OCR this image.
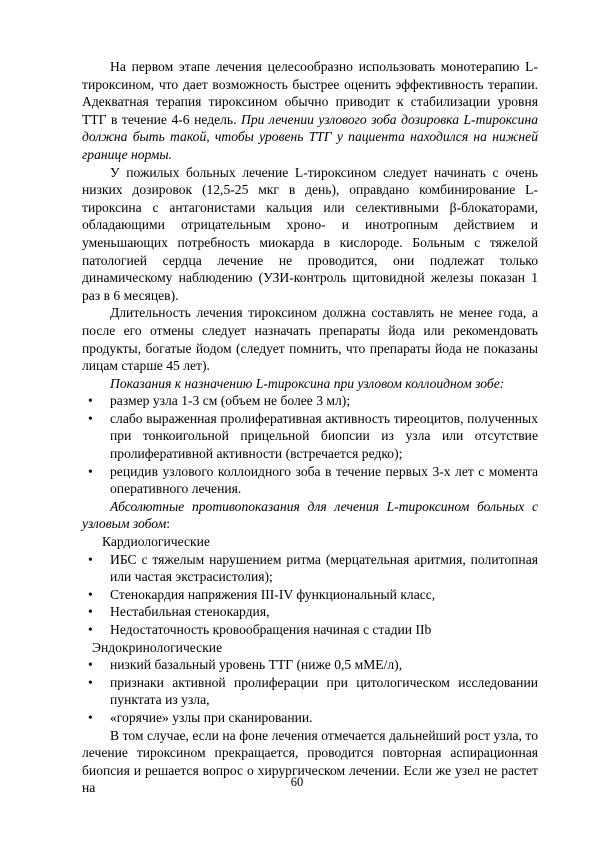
На первом этапе лечения целесообразно использовать монотерапию L-тироксином, что дает возможность быстрее оценить эффективность терапии. Адекватная терапия тироксином обычно приводит к стабилизации уровня ТТГ в течение 4-6 недель. При лечении узлового зоба дозировка L-тироксина должна быть такой, чтобы уровень ТТГ у пациента находился на нижней границе нормы.

У пожилых больных лечение L-тироксином следует начинать с очень низких дозировок (12,5-25 мкг в день), оправдано комбинирование L-тироксина с антагонистами кальция или селективными β-блокаторами, обладающими отрицательным хроно- и инотропным действием и уменьшающих потребность миокарда в кислороде. Больным с тяжелой патологией сердца лечение не проводится, они подлежат только динамическому наблюдению (УЗИ-контроль щитовидной железы показан 1 раз в 6 месяцев).

Длительность лечения тироксином должна составлять не менее года, а после его отмены следует назначать препараты йода или рекомендовать продукты, богатые йодом (следует помнить, что препараты йода не показаны лицам старше 45 лет).

Показания к назначению L-тироксина при узловом коллоидном зобе:

• размер узла 1-3 см (объем не более 3 мл);
• слабо выраженная пролиферативная активность тиреоцитов, полученных при тонкоигольной прицельной биопсии из узла или отсутствие пролиферативной активности (встречается редко);
• рецидив узлового коллоидного зоба в течение первых 3-х лет с момента оперативного лечения.

Абсолютные противопоказания для лечения L-тироксином больных с узловым зобом:

Кардиологические
• ИБС с тяжелым нарушением ритма (мерцательная аритмия, политопная или частая экстрасистолия);
• Стенокардия напряжения III-IV функциональный класс,
• Нестабильная стенокардия,
• Недостаточность кровообращения начиная с стадии IIb
Эндокринологические
• низкий базальный уровень ТТГ (ниже 0,5 мМЕ/л),
• признаки активной пролиферации при цитологическом исследовании пунктата из узла,
• «горячие» узлы при сканировании.

В том случае, если на фоне лечения отмечается дальнейший рост узла, то лечение тироксином прекращается, проводится повторная аспирационная биопсия и решается вопрос о хирургическом лечении. Если же узел не растет на	60
